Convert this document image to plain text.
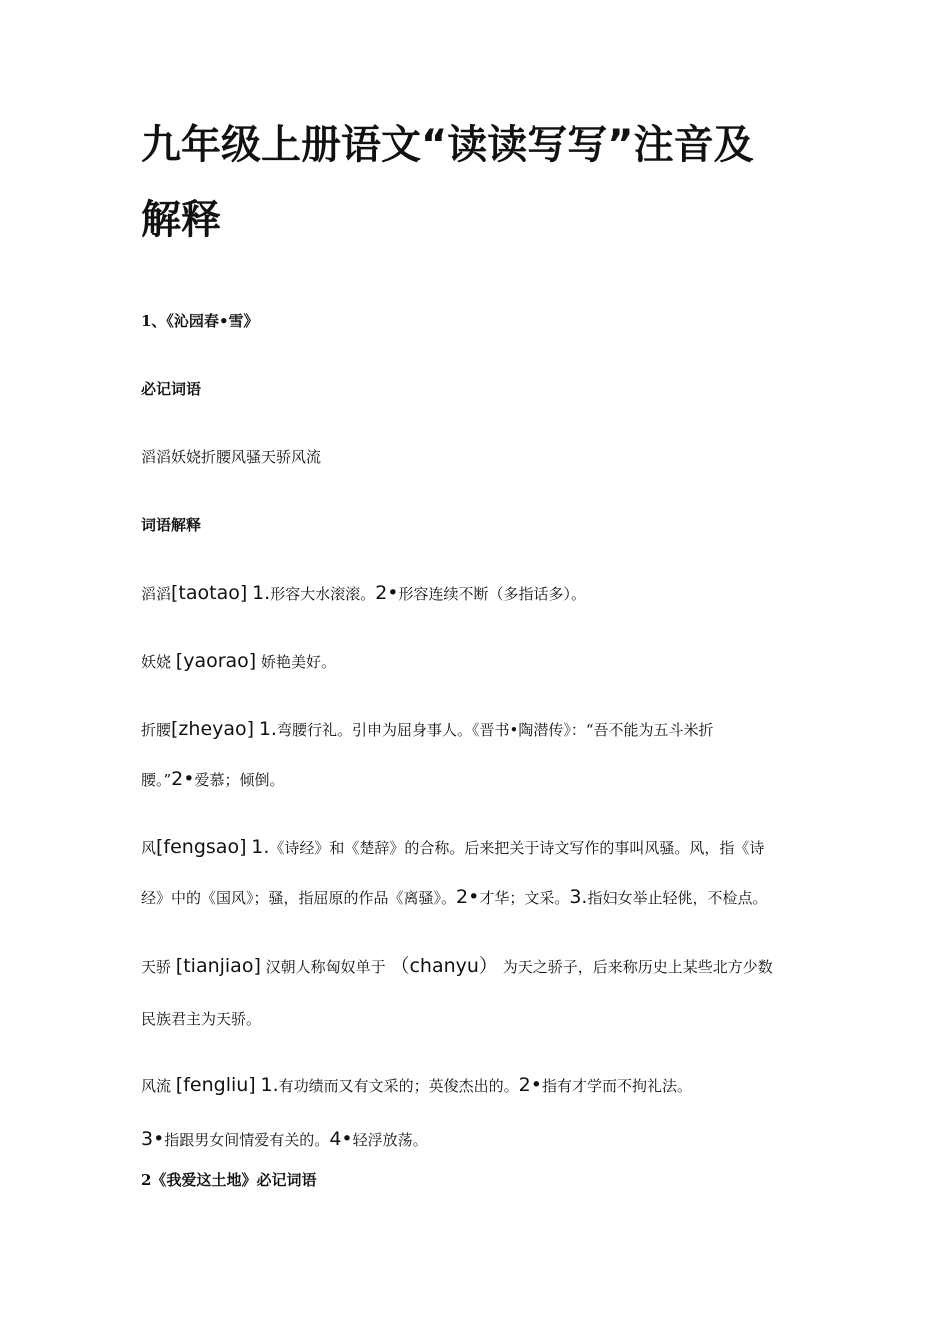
九年级上册语文“读读写写”注音及
解释
1、《沁园春•雪》
必记词语
滔滔妖娆折腰风骚天骄风流
词语解释
滔滔[taotao] 1.形容大水滚滚。2•形容连续不断（多指话多）。
妖娆 [yaorao] 娇艳美好。
折腰[zheyao] 1.弯腰行礼。引申为屈身事人。《晋书•陶潜传》：“吾不能为五斗米折
腰。”2•爱慕；倾倒。
风[fengsao] 1.《诗经》和《楚辞》的合称。后来把关于诗文写作的事叫风骚。风，指《诗
经》中的《国风》；骚，指屈原的作品《离骚》。2•才华；文采。3.指妇女举止轻佻，不检点。
天骄 [tianjiao] 汉朝人称匈奴单于 （chanyu） 为天之骄子，后来称历史上某些北方少数
民族君主为天骄。
风流 [fengliu] 1.有功绩而又有文采的；英俊杰出的。2•指有才学而不拘礼法。
3•指跟男女间情爱有关的。4•轻浮放荡。
2《我爱这土地》必记词语
